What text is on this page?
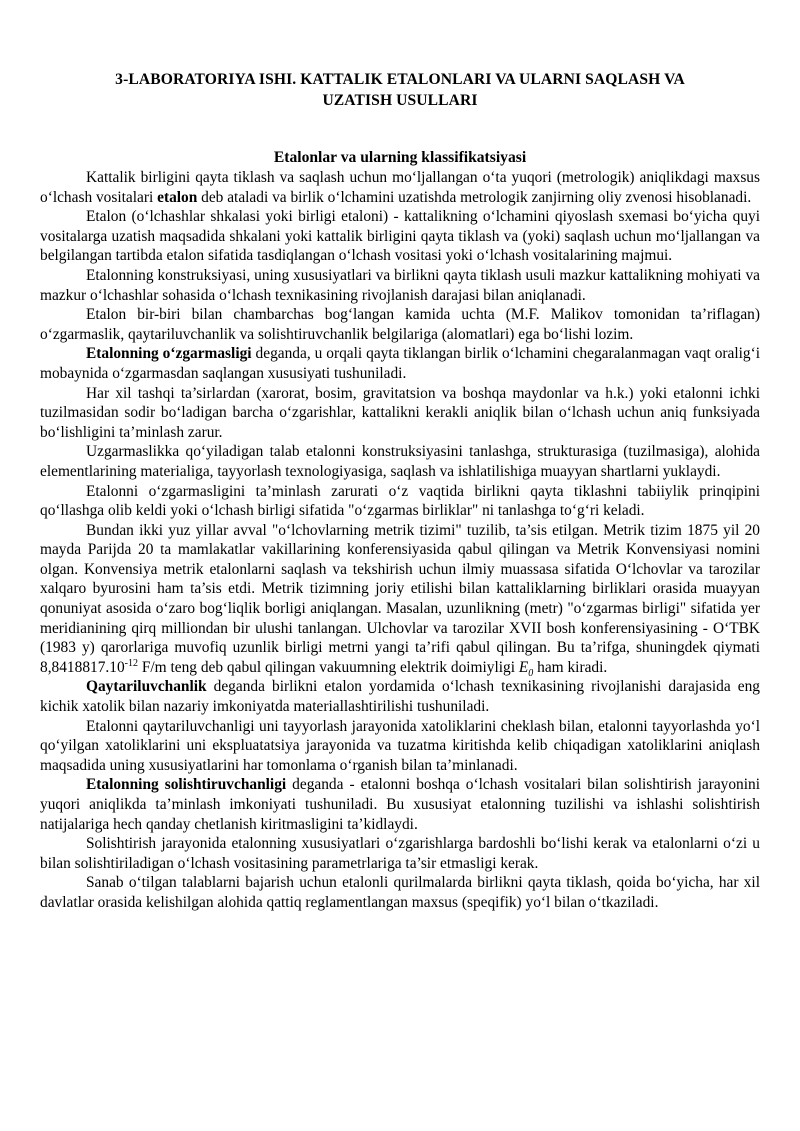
3-LABORATORIYA ISHI. KATTALIK ETALONLARI VA ULARNI SAQLASH VA
UZATISH USULLARI
Etalonlar va ularning klassifikatsiyasi

Kattalik birligini qayta tiklash va saqlash uchun mo‘ljallangan o‘ta yuqori (metrologik) aniqlikdagi maxsus o‘lchash vositalari etalon deb ataladi va birlik o‘lchamini uzatishda metrologik zanjirning oliy zvenosi hisoblanadi.

Etalon (o‘lchashlar shkalasi yoki birligi etaloni) - kattalikning o‘lchamini qiyoslash sxemasi bo‘yicha quyi vositalarga uzatish maqsadida shkalani yoki kattalik birligini qayta tiklash va (yoki) saqlash uchun mo‘ljallangan va belgilangan tartibda etalon sifatida tasdiqlangan o‘lchash vositasi yoki o‘lchash vositalarining majmui.

Etalonning konstruksiyasi, uning xususiyatlari va birlikni qayta tiklash usuli mazkur kattalikning mohiyati va mazkur o‘lchashlar sohasida o‘lchash texnikasining rivojlanish darajasi bilan aniqlanadi.

Etalon bir-biri bilan chambarchas bog‘langan kamida uchta (M.F. Malikov tomonidan ta’riflagan) o‘zgarmaslik, qaytariluvchanlik va solishtiruvchanlik belgilariga (alomatlari) ega bo‘lishi lozim.

Etalonning o‘zgarmasligi deganda, u orqali qayta tiklangan birlik o‘lchamini chegaralanmagan vaqt oralig‘i mobaynida o‘zgarmasdan saqlangan xususiyati tushuniladi.

Har xil tashqi ta’sirlardan (xarorat, bosim, gravitatsion va boshqa maydonlar va h.k.) yoki etalonni ichki tuzilmasidan sodir bo‘ladigan barcha o‘zgarishlar, kattalikni kerakli aniqlik bilan o‘lchash uchun aniq funksiyada bo‘lishligini ta’minlash zarur.

Uzgarmaslikka qo‘yiladigan talab etalonni konstruksiyasini tanlashga, strukturasiga (tuzilmasiga), alohida elementlarining materialiga, tayyorlash texnologiyasiga, saqlash va ishlatilishiga muayyan shartlarni yuklaydi.

Etalonni o‘zgarmasligini ta’minlash zarurati o‘z vaqtida birlikni qayta tiklashni tabiiylik prinqipini qo‘llashga olib keldi yoki o‘lchash birligi sifatida "o‘zgarmas birliklar" ni tanlashga to‘g‘ri keladi.

Bundan ikki yuz yillar avval "o‘lchovlarning metrik tizimi" tuzilib, ta’sis etilgan. Metrik tizim 1875 yil 20 mayda Parijda 20 ta mamlakatlar vakillarining konferensiyasida qabul qilingan va Metrik Konvensiyasi nomini olgan. Konvensiya metrik etalonlarni saqlash va tekshirish uchun ilmiy muassasa sifatida O‘lchovlar va tarozilar xalqaro byurosini ham ta’sis etdi. Metrik tizimning joriy etilishi bilan kattaliklarning birliklari orasida muayyan qonuniyat asosida o‘zaro bog‘liqlik borligi aniqlangan. Masalan, uzunlikning (metr) "o‘zgarmas birligi" sifatida yer meridianining qirq milliondan bir ulushi tanlangan. Ulchovlar va tarozilar XVII bosh konferensiyasining - O‘TBK (1983 y) qarorlariga muvofiq uzunlik birligi metrni yangi ta’rifi qabul qilingan. Bu ta’rifga, shuningdek qiymati $8,8418817.10^{-12}$ F/m teng deb qabul qilingan vakuumning elektrik doimiyligi $E_0$ ham kiradi.

Qaytariluvchanlik deganda birlikni etalon yordamida o‘lchash texnikasining rivojlanishi darajasida eng kichik xatolik bilan nazariy imkoniyatda materiallashtirilishi tushuniladi.

Etalonni qaytariluvchanligi uni tayyorlash jarayonida xatoliklarini cheklash bilan, etalonni tayyorlashda yo‘l qo‘yilgan xatoliklarini uni ekspluatatsiya jarayonida va tuzatma kiritishda kelib chiqadigan xatoliklarini aniqlash maqsadida uning xususiyatlarini har tomonlama o‘rganish bilan ta’minlanadi.

Etalonning solishtiruvchanligi deganda - etalonni boshqa o‘lchash vositalari bilan solishtirish jarayonini yuqori aniqlikda ta’minlash imkoniyati tushuniladi. Bu xususiyat etalonning tuzilishi va ishlashi solishtirish natijalariga hech qanday chetlanish kiritmasligini ta’kidlaydi.

Solishtirish jarayonida etalonning xususiyatlari o‘zgarishlarga bardoshli bo‘lishi kerak va etalonlarni o‘zi u bilan solishtiriladigan o‘lchash vositasining parametrlariga ta’sir etmasligi kerak.

Sanab o‘tilgan talablarni bajarish uchun etalonli qurilmalarda birlikni qayta tiklash, qoida bo‘yicha, har xil davlatlar orasida kelishilgan alohida qattiq reglamentlangan maxsus (speqifik) yo‘l bilan o‘tkaziladi.
